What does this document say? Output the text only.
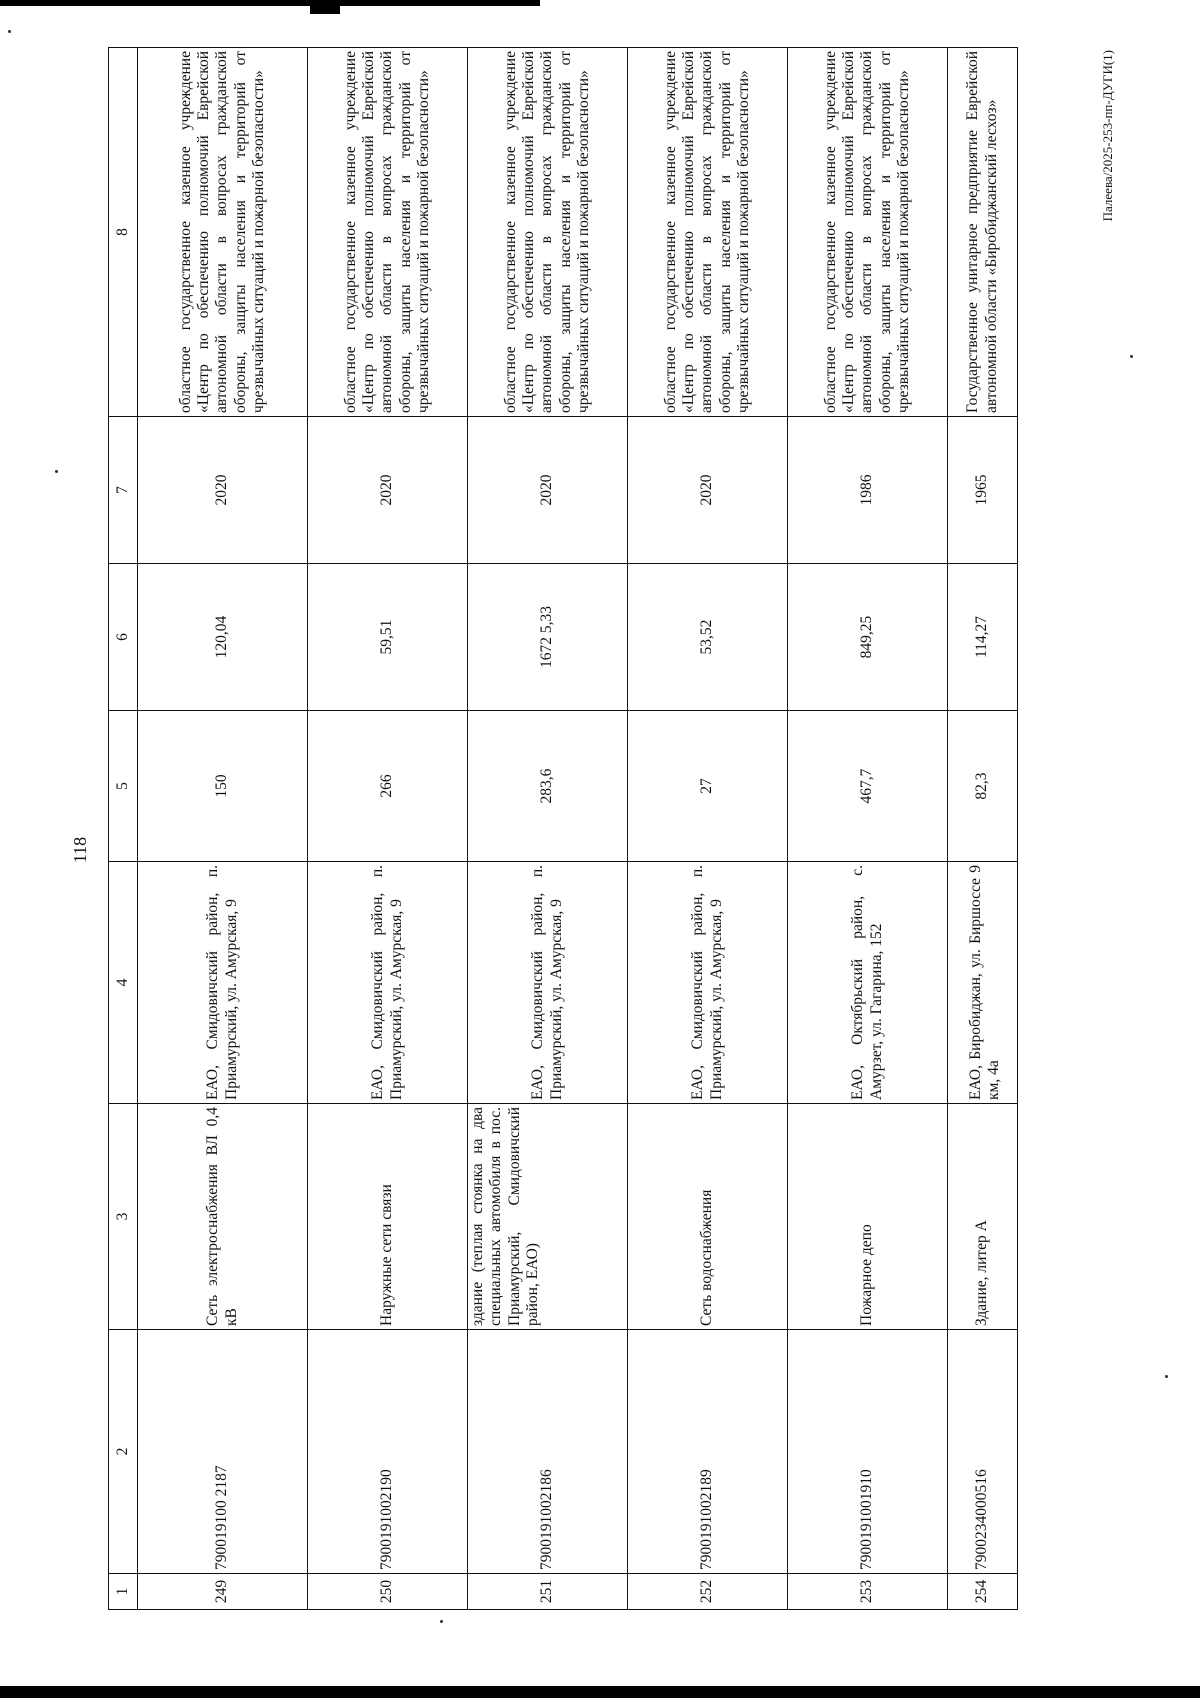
118
1	2	3	4	5	6	7	8
249	790019100 2187	Сеть электроснабжения ВЛ 0,4 кВ	ЕАО, Смидовичский район, п. Приамурский, ул. Амурская, 9	150	120,04	2020	областное государственное казенное учреждение «Центр по обеспечению полномочий Еврейской автономной области в вопросах гражданской обороны, защиты населения и территорий от чрезвычайных ситуаций и пожарной безопасности»
250	7900191002190	Наружные сети связи	ЕАО, Смидовичский район, п. Приамурский, ул. Амурская, 9	266	59,51	2020	областное государственное казенное учреждение «Центр по обеспечению полномочий Еврейской автономной области в вопросах гражданской обороны, защиты населения и территорий от чрезвычайных ситуаций и пожарной безопасности»
251	7900191002186	здание (теплая стоянка на два специальных автомобиля в пос. Приамурский, Смидовичский район, ЕАО)	ЕАО, Смидовичский район, п. Приамурский, ул. Амурская, 9	283,6	1672 5,33	2020	областное государственное казенное учреждение «Центр по обеспечению полномочий Еврейской автономной области в вопросах гражданской обороны, защиты населения и территорий от чрезвычайных ситуаций и пожарной безопасности»
252	7900191002189	Сеть водоснабжения	ЕАО, Смидовичский район, п. Приамурский, ул. Амурская, 9	27	53,52	2020	областное государственное казенное учреждение «Центр по обеспечению полномочий Еврейской автономной области в вопросах гражданской обороны, защиты населения и территорий от чрезвычайных ситуаций и пожарной безопасности»
253	7900191001910	Пожарное депо	ЕАО, Октябрьский район, с. Амурзет, ул. Гагарина, 152	467,7	849,25	1986	областное государственное казенное учреждение «Центр по обеспечению полномочий Еврейской автономной области в вопросах гражданской обороны, защиты населения и территорий от чрезвычайных ситуаций и пожарной безопасности»
254	7900234000516	Здание, литер А	ЕАО, Биробиджан, ул. Биршоссе 9 км, 4а	82,3	114,27	1965	Государственное унитарное предприятие Еврейской автономной области «Биробиджанский лесхоз»	Палеева/2025-253-пп-ДУГИ(1)
